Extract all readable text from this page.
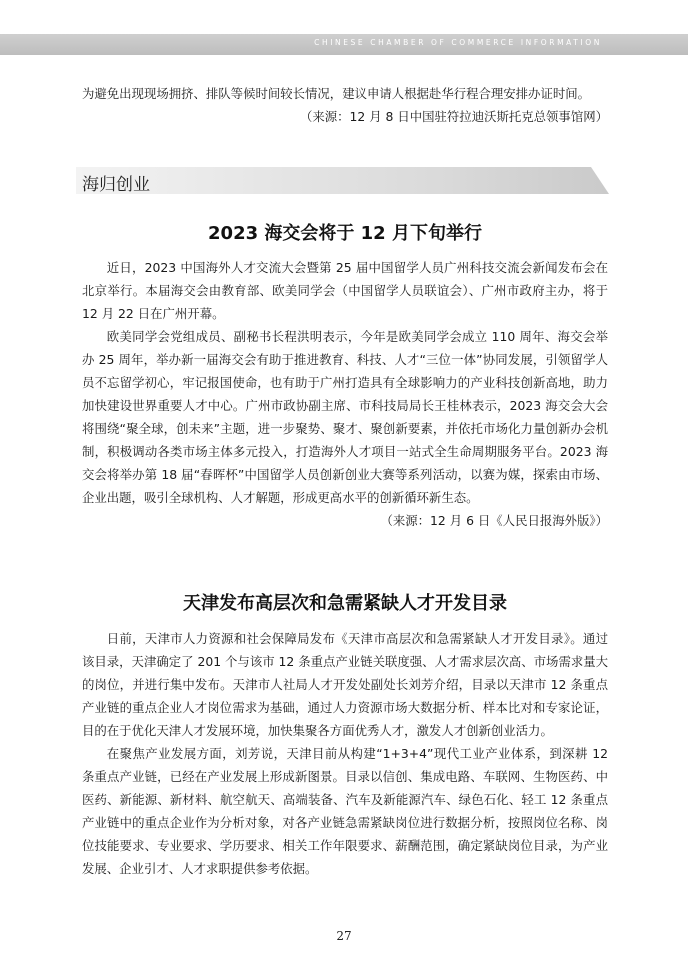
CHINESE CHAMBER OF COMMERCE INFORMATION

为避免出现现场拥挤、排队等候时间较长情况，建议申请人根据赴华行程合理安排办证时间。

（来源：12 月 8 日中国驻符拉迪沃斯托克总领事馆网）

海归创业
2023 海交会将于 12 月下旬举行

近日，2023 中国海外人才交流大会暨第 25 届中国留学人员广州科技交流会新闻发布会在北京举行。本届海交会由教育部、欧美同学会（中国留学人员联谊会）、广州市政府主办，将于 12 月 22 日在广州开幕。

欧美同学会党组成员、副秘书长程洪明表示，今年是欧美同学会成立 110 周年、海交会举办 25 周年，举办新一届海交会有助于推进教育、科技、人才“三位一体”协同发展，引领留学人员不忘留学初心，牢记报国使命，也有助于广州打造具有全球影响力的产业科技创新高地，助力加快建设世界重要人才中心。广州市政协副主席、市科技局局长王桂林表示，2023 海交会大会将围绕“聚全球，创未来”主题，进一步聚势、聚才、聚创新要素，并依托市场化力量创新办会机制，积极调动各类市场主体多元投入，打造海外人才项目一站式全生命周期服务平台。2023 海交会将举办第 18 届“春晖杯”中国留学人员创新创业大赛等系列活动，以赛为媒，探索由市场、企业出题，吸引全球机构、人才解题，形成更高水平的创新循环新生态。
（来源：12 月 6 日《人民日报海外版》）

天津发布高层次和急需紧缺人才开发目录

日前，天津市人力资源和社会保障局发布《天津市高层次和急需紧缺人才开发目录》。通过该目录，天津确定了 201 个与该市 12 条重点产业链关联度强、人才需求层次高、市场需求量大的岗位，并进行集中发布。天津市人社局人才开发处副处长刘芳介绍，目录以天津市 12 条重点产业链的重点企业人才岗位需求为基础，通过人力资源市场大数据分析、样本比对和专家论证，目的在于优化天津人才发展环境，加快集聚各方面优秀人才，激发人才创新创业活力。

在聚焦产业发展方面，刘芳说，天津目前从构建“1+3+4”现代工业产业体系，到深耕 12 条重点产业链，已经在产业发展上形成新图景。目录以信创、集成电路、车联网、生物医药、中医药、新能源、新材料、航空航天、高端装备、汽车及新能源汽车、绿色石化、轻工 12 条重点产业链中的重点企业作为分析对象，对各产业链急需紧缺岗位进行数据分析，按照岗位名称、岗位技能要求、专业要求、学历要求、相关工作年限要求、薪酬范围，确定紧缺岗位目录，为产业发展、企业引才、人才求职提供参考依据。

27
